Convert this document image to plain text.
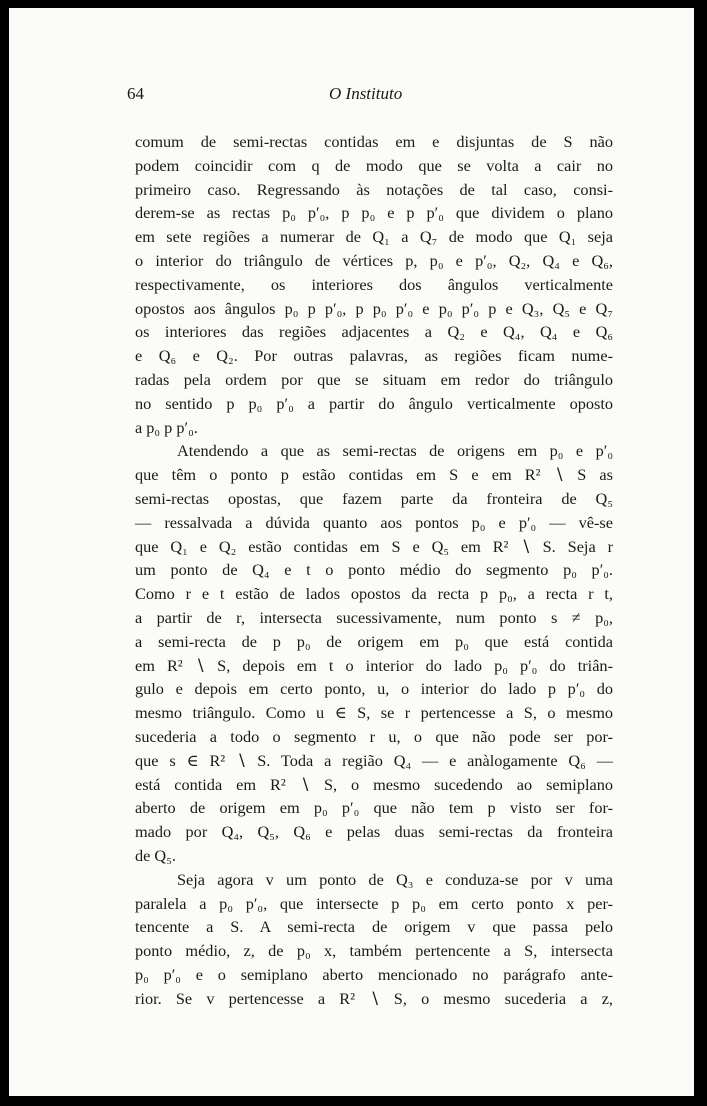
64	O Instituto
comum de semi-rectas contidas em e disjuntas de S não
podem coincidir com q de modo que se volta a cair no
primeiro caso. Regressando às notações de tal caso, consi-
derem-se as rectas p₀ p′₀, p p₀ e p p′₀ que dividem o plano
em sete regiões a numerar de Q₁ a Q₇ de modo que Q₁ seja
o interior do triângulo de vértices p, p₀ e p′₀, Q₂, Q₄ e Q₆,
respectivamente, os interiores dos ângulos verticalmente
opostos aos ângulos p₀ p p′₀, p p₀ p′₀ e p₀ p′₀ p e Q₃, Q₅ e Q₇
os interiores das regiões adjacentes a Q₂ e Q₄, Q₄ e Q₆
e Q₆ e Q₂. Por outras palavras, as regiões ficam nume-
radas pela ordem por que se situam em redor do triângulo
no sentido p p₀ p′₀ a partir do ângulo verticalmente oposto
a p₀ p p′₀.
Atendendo a que as semi-rectas de origens em p₀ e p′₀
que têm o ponto p estão contidas em S e em R² ∖ S as
semi-rectas opostas, que fazem parte da fronteira de Q₅
— ressalvada a dúvida quanto aos pontos p₀ e p′₀ — vê-se
que Q₁ e Q₂ estão contidas em S e Q₅ em R² ∖ S. Seja r
um ponto de Q₄ e t o ponto médio do segmento p₀ p′₀.
Como r e t estão de lados opostos da recta p p₀, a recta r t,
a partir de r, intersecta sucessivamente, num ponto s ≠ p₀,
a semi-recta de p p₀ de origem em p₀ que está contida
em R² ∖ S, depois em t o interior do lado p₀ p′₀ do triân-
gulo e depois em certo ponto, u, o interior do lado p p′₀ do
mesmo triângulo. Como u ∈ S, se r pertencesse a S, o mesmo
sucederia a todo o segmento r u, o que não pode ser por-
que s ∈ R² ∖ S. Toda a região Q₄ — e anàlogamente Q₆ —
está contida em R² ∖ S, o mesmo sucedendo ao semiplano
aberto de origem em p₀ p′₀ que não tem p visto ser for-
mado por Q₄, Q₅, Q₆ e pelas duas semi-rectas da fronteira
de Q₅.
Seja agora v um ponto de Q₃ e conduza-se por v uma
paralela a p₀ p′₀, que intersecte p p₀ em certo ponto x per-
tencente a S. A semi-recta de origem v que passa pelo
ponto médio, z, de p₀ x, também pertencente a S, intersecta
p₀ p′₀ e o semiplano aberto mencionado no parágrafo ante-
rior. Se v pertencesse a R² ∖ S, o mesmo sucederia a z,
